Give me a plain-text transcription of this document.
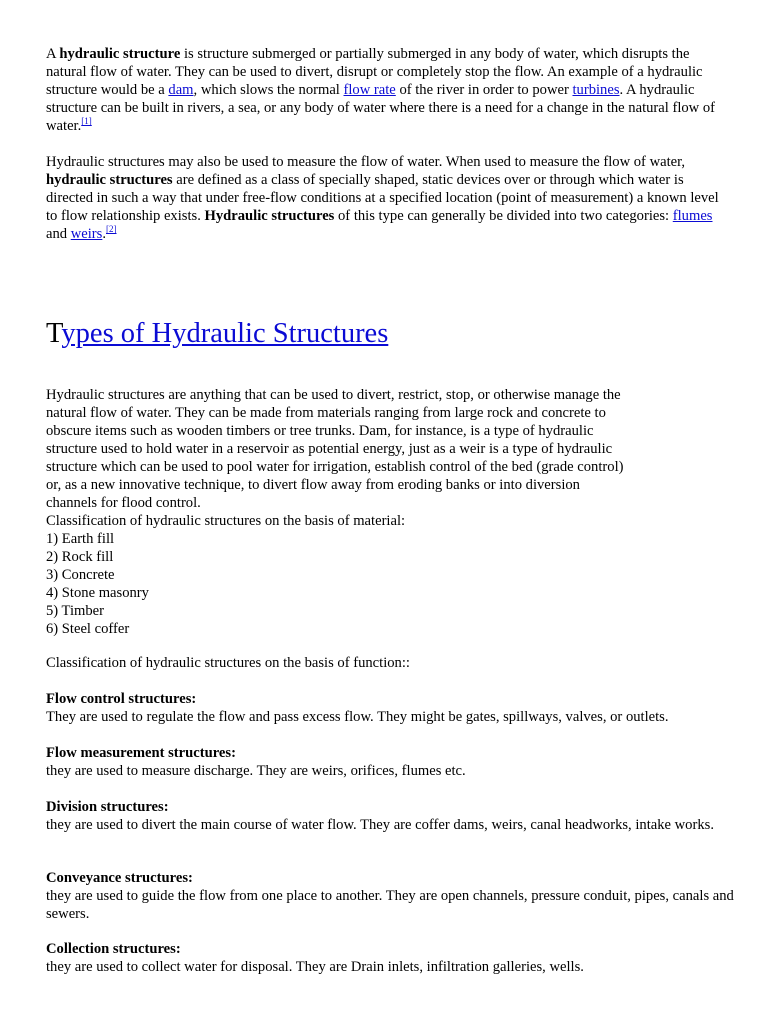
A hydraulic structure is structure submerged or partially submerged in any body of water, which disrupts the natural flow of water. They can be used to divert, disrupt or completely stop the flow. An example of a hydraulic structure would be a dam, which slows the normal flow rate of the river in order to power turbines. A hydraulic structure can be built in rivers, a sea, or any body of water where there is a need for a change in the natural flow of water.[1]

Hydraulic structures may also be used to measure the flow of water. When used to measure the flow of water, hydraulic structures are defined as a class of specially shaped, static devices over or through which water is directed in such a way that under free-flow conditions at a specified location (point of measurement) a known level to flow relationship exists. Hydraulic structures of this type can generally be divided into two categories: flumes and weirs.[2]

Types of Hydraulic Structures

Hydraulic structures are anything that can be used to divert, restrict, stop, or otherwise manage the natural flow of water. They can be made from materials ranging from large rock and concrete to obscure items such as wooden timbers or tree trunks. Dam, for instance, is a type of hydraulic structure used to hold water in a reservoir as potential energy, just as a weir is a type of hydraulic structure which can be used to pool water for irrigation, establish control of the bed (grade control) or, as a new innovative technique, to divert flow away from eroding banks or into diversion channels for flood control.
Classification of hydraulic structures on the basis of material:
1) Earth fill
2) Rock fill
3) Concrete
4) Stone masonry
5) Timber
6) Steel coffer

Classification of hydraulic structures on the basis of function::

Flow control structures:
They are used to regulate the flow and pass excess flow. They might be gates, spillways, valves, or outlets.

Flow measurement structures:
they are used to measure discharge. They are weirs, orifices, flumes etc.

Division structures:
they are used to divert the main course of water flow. They are coffer dams, weirs, canal headworks, intake works.

Conveyance structures:
they are used to guide the flow from one place to another. They are open channels, pressure conduit, pipes, canals and sewers.

Collection structures:
they are used to collect water for disposal. They are Drain inlets, infiltration galleries, wells.
